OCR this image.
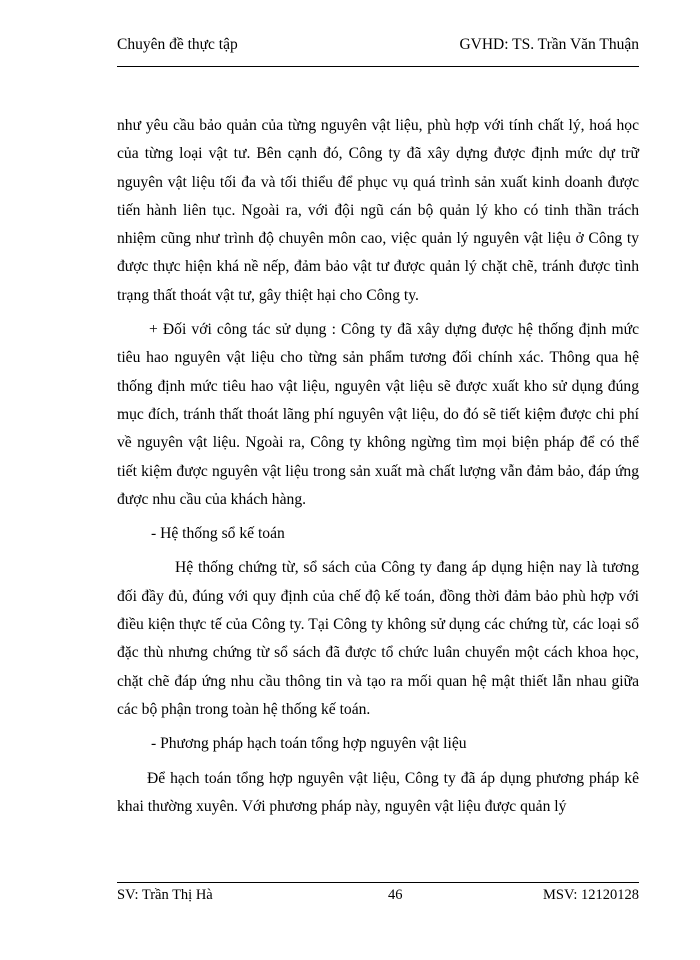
Chuyên đề thực tập	GVHD: TS. Trần Văn Thuận

như yêu cầu bảo quản của từng nguyên vật liệu, phù hợp với tính chất lý, hoá học của từng loại vật tư. Bên cạnh đó, Công ty đã xây dựng được định mức dự trữ nguyên vật liệu tối đa và tối thiểu để phục vụ quá trình sản xuất kinh doanh được tiến hành liên tục. Ngoài ra, với đội ngũ cán bộ quản lý kho có tinh thần trách nhiệm cũng như trình độ chuyên môn cao, việc quản lý nguyên vật liệu ở Công ty được thực hiện khá nề nếp, đảm bảo vật tư được quản lý chặt chẽ, tránh được tình trạng thất thoát vật tư, gây thiệt hại cho Công ty.

+ Đối với công tác sử dụng : Công ty đã xây dựng được hệ thống định mức tiêu hao nguyên vật liệu cho từng sản phẩm tương đối chính xác. Thông qua hệ thống định mức tiêu hao vật liệu, nguyên vật liệu sẽ được xuất kho sử dụng đúng mục đích, tránh thất thoát lãng phí nguyên vật liệu, do đó sẽ tiết kiệm được chi phí về nguyên vật liệu. Ngoài ra, Công ty không ngừng tìm mọi biện pháp để có thể tiết kiệm được nguyên vật liệu trong sản xuất mà chất lượng vẫn đảm bảo, đáp ứng được nhu cầu của khách hàng.

- Hệ thống sổ kế toán

Hệ thống chứng từ, sổ sách của Công ty đang áp dụng hiện nay là tương đối đầy đủ, đúng với quy định của chế độ kế toán, đồng thời đảm bảo phù hợp với điều kiện thực tế của Công ty. Tại Công ty không sử dụng các chứng từ, các loại sổ đặc thù nhưng chứng từ sổ sách đã được tổ chức luân chuyển một cách khoa học, chặt chẽ đáp ứng nhu cầu thông tin và tạo ra mối quan hệ mật thiết lẫn nhau giữa các bộ phận trong toàn hệ thống kế toán.

- Phương pháp hạch toán tổng hợp nguyên vật liệu

Để hạch toán tổng hợp nguyên vật liệu, Công ty đã áp dụng phương pháp kê khai thường xuyên. Với phương pháp này, nguyên vật liệu được quản lý

SV: Trần Thị Hà	46	MSV: 12120128
